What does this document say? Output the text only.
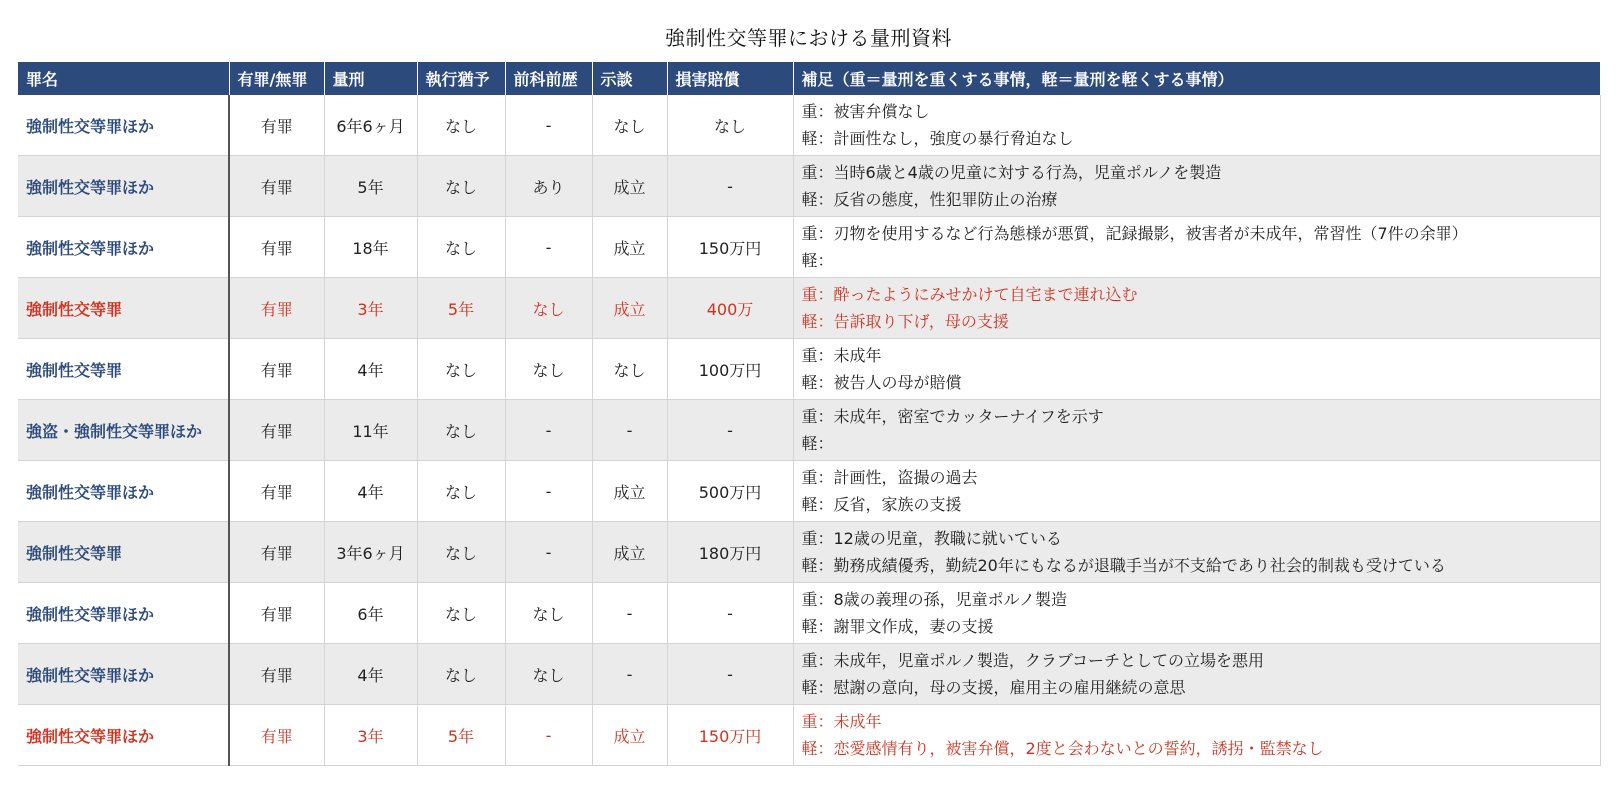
強制性交等罪における量刑資料
罪名	有罪/無罪	量刑	執行猶予	前科前歴	示談	損害賠償	補足（重＝量刑を重くする事情，軽＝量刑を軽くする事情）
強制性交等罪ほか	有罪	6年6ヶ月	なし	-	なし	なし	重：被害弁償なし
軽：計画性なし，強度の暴行脅迫なし

強制性交等罪ほか	有罪	5年	なし	あり	成立	-	重：当時6歳と4歳の児童に対する行為，児童ポルノを製造
軽：反省の態度，性犯罪防止の治療

強制性交等罪ほか	有罪	18年	なし	-	成立	150万円	重：刃物を使用するなど行為態様が悪質，記録撮影，被害者が未成年，常習性（7件の余罪）
軽：

強制性交等罪	有罪	3年	5年	なし	成立	400万	重：酔ったようにみせかけて自宅まで連れ込む
軽：告訴取り下げ，母の支援

強制性交等罪	有罪	4年	なし	なし	なし	100万円	重：未成年
軽：被告人の母が賠償

強盗・強制性交等罪ほか	有罪	11年	なし	-	-	-	重：未成年，密室でカッターナイフを示す
軽：

強制性交等罪ほか	有罪	4年	なし	-	成立	500万円	重：計画性，盗撮の過去
軽：反省，家族の支援

強制性交等罪	有罪	3年6ヶ月	なし	-	成立	180万円	重：12歳の児童，教職に就いている
軽：勤務成績優秀，勤続20年にもなるが退職手当が不支給であり社会的制裁も受けている

強制性交等罪ほか	有罪	6年	なし	なし	-	-	重：8歳の義理の孫，児童ポルノ製造
軽：謝罪文作成，妻の支援

強制性交等罪ほか	有罪	4年	なし	なし	-	-	重：未成年，児童ポルノ製造，クラブコーチとしての立場を悪用
軽：慰謝の意向，母の支援，雇用主の雇用継続の意思

強制性交等罪ほか	有罪	3年	5年	-	成立	150万円	重：未成年
軽：恋愛感情有り，被害弁償，2度と会わないとの誓約，誘拐・監禁なし
